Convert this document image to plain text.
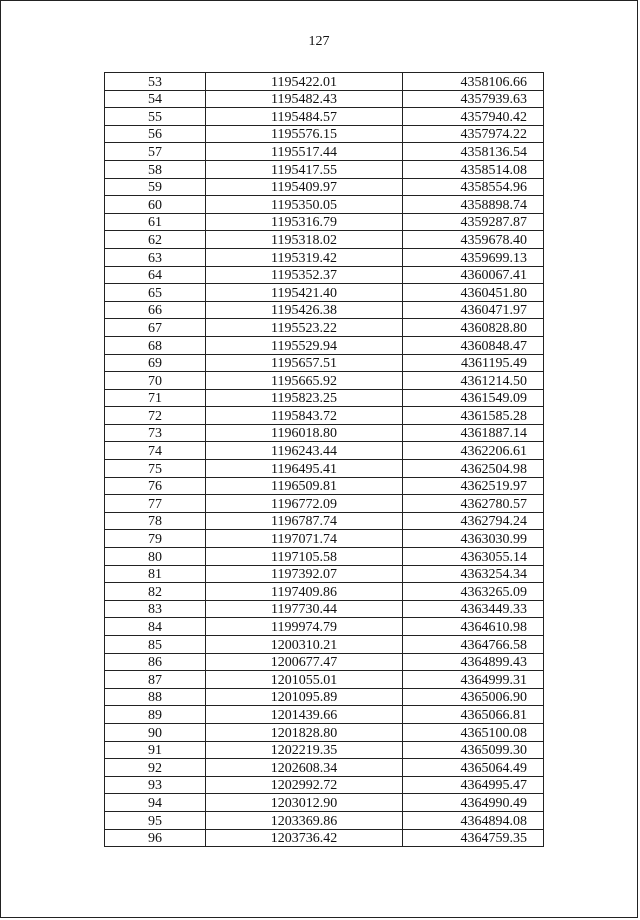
127
53	1195422.01	4358106.66
54	1195482.43	4357939.63
55	1195484.57	4357940.42
56	1195576.15	4357974.22
57	1195517.44	4358136.54
58	1195417.55	4358514.08
59	1195409.97	4358554.96
60	1195350.05	4358898.74
61	1195316.79	4359287.87
62	1195318.02	4359678.40
63	1195319.42	4359699.13
64	1195352.37	4360067.41
65	1195421.40	4360451.80
66	1195426.38	4360471.97
67	1195523.22	4360828.80
68	1195529.94	4360848.47
69	1195657.51	4361195.49
70	1195665.92	4361214.50
71	1195823.25	4361549.09
72	1195843.72	4361585.28
73	1196018.80	4361887.14
74	1196243.44	4362206.61
75	1196495.41	4362504.98
76	1196509.81	4362519.97
77	1196772.09	4362780.57
78	1196787.74	4362794.24
79	1197071.74	4363030.99
80	1197105.58	4363055.14
81	1197392.07	4363254.34
82	1197409.86	4363265.09
83	1197730.44	4363449.33
84	1199974.79	4364610.98
85	1200310.21	4364766.58
86	1200677.47	4364899.43
87	1201055.01	4364999.31
88	1201095.89	4365006.90
89	1201439.66	4365066.81
90	1201828.80	4365100.08
91	1202219.35	4365099.30
92	1202608.34	4365064.49
93	1202992.72	4364995.47
94	1203012.90	4364990.49
95	1203369.86	4364894.08
96	1203736.42	4364759.35
